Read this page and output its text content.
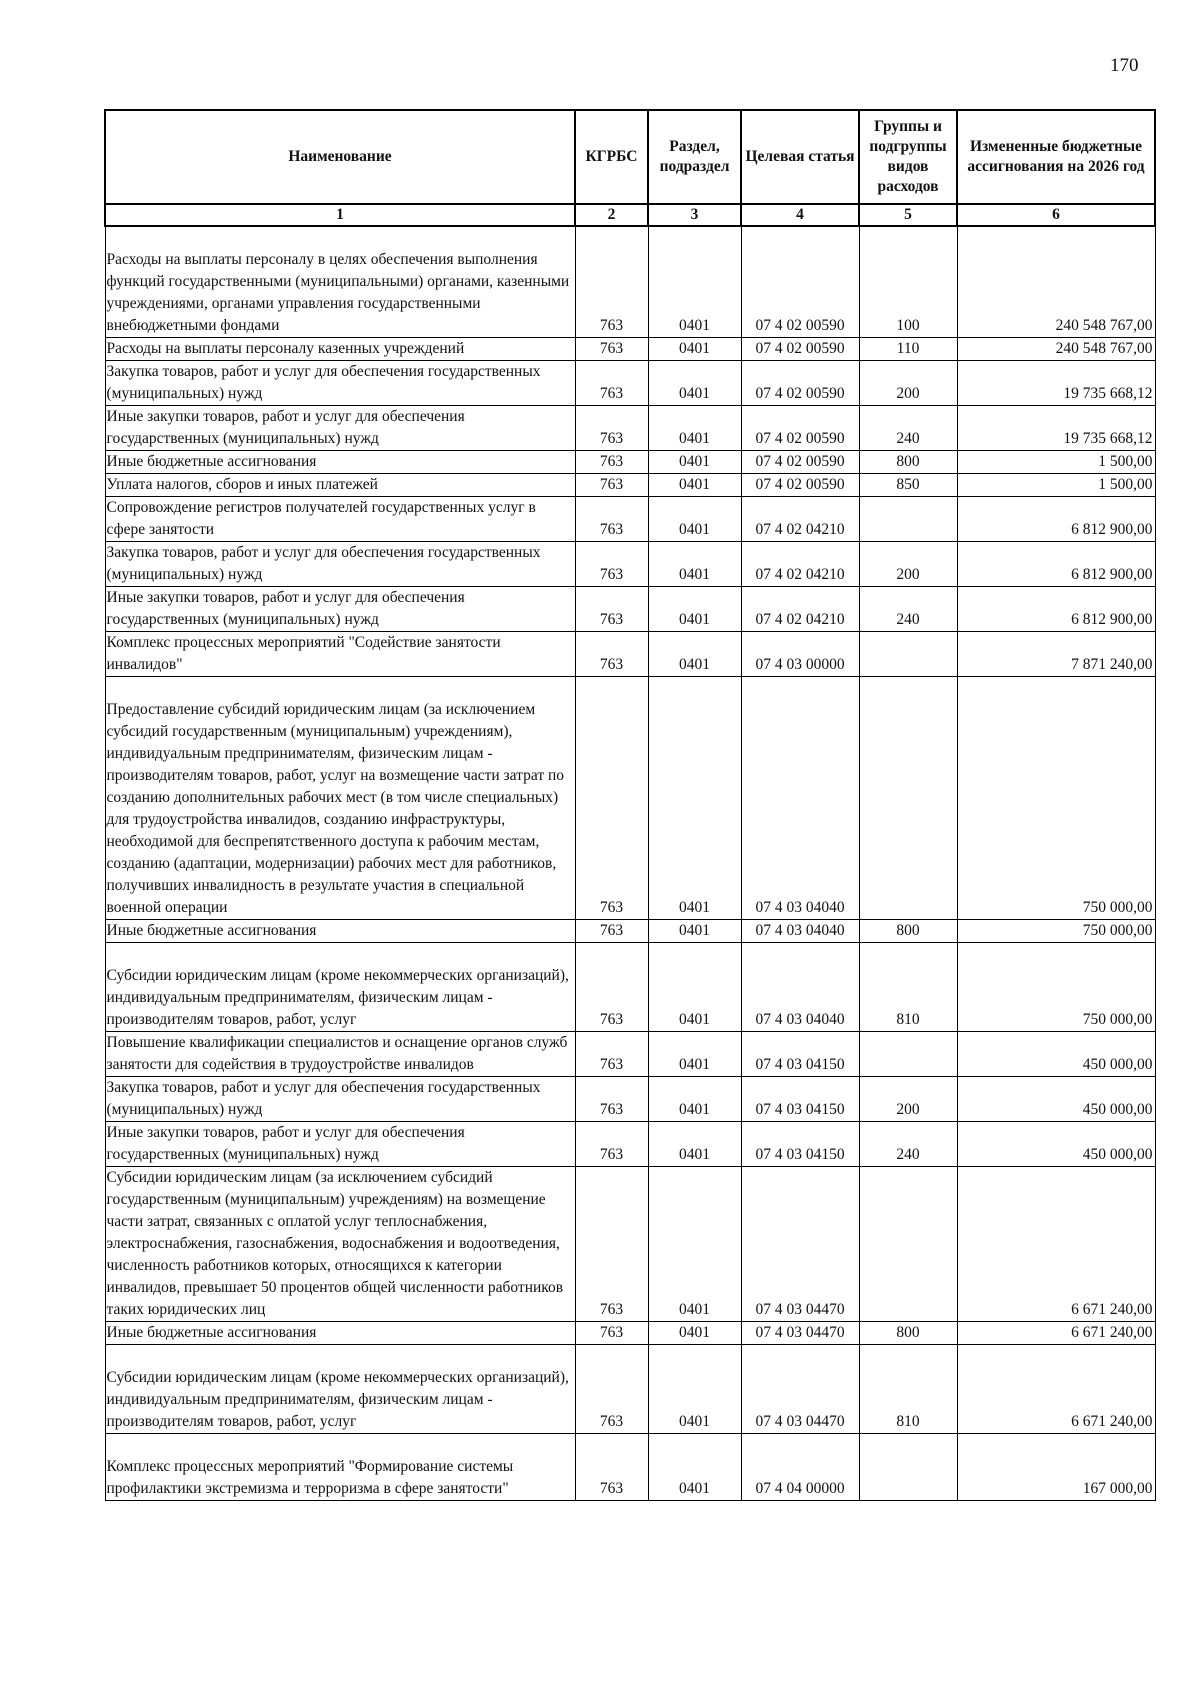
170
Наименование	КГРБС	Раздел, подраздел	Целевая статья	Группы и подгруппы видов расходов	Измененные бюджетные ассигнования на 2026 год
1	2	3	4	5	6
Расходы на выплаты персоналу в целях обеспечения выполнения функций государственными (муниципальными) органами, казенными учреждениями, органами управления государственными внебюджетными фондами	763	0401	07 4 02 00590	100	240 548 767,00
Расходы на выплаты персоналу казенных учреждений	763	0401	07 4 02 00590	110	240 548 767,00
Закупка товаров, работ и услуг для обеспечения государственных (муниципальных) нужд	763	0401	07 4 02 00590	200	19 735 668,12
Иные закупки товаров, работ и услуг для обеспечения государственных (муниципальных) нужд	763	0401	07 4 02 00590	240	19 735 668,12
Иные бюджетные ассигнования	763	0401	07 4 02 00590	800	1 500,00
Уплата налогов, сборов и иных платежей	763	0401	07 4 02 00590	850	1 500,00
Сопровождение регистров получателей государственных услуг в сфере занятости	763	0401	07 4 02 04210		6 812 900,00
Закупка товаров, работ и услуг для обеспечения государственных (муниципальных) нужд	763	0401	07 4 02 04210	200	6 812 900,00
Иные закупки товаров, работ и услуг для обеспечения государственных (муниципальных) нужд	763	0401	07 4 02 04210	240	6 812 900,00
Комплекс процессных мероприятий "Содействие занятости инвалидов"	763	0401	07 4 03 00000		7 871 240,00
Предоставление субсидий юридическим лицам (за исключением субсидий государственным (муниципальным) учреждениям), индивидуальным предпринимателям, физическим лицам - производителям товаров, работ, услуг на возмещение части затрат по созданию дополнительных рабочих мест (в том числе специальных) для трудоустройства инвалидов, созданию инфраструктуры, необходимой для беспрепятственного доступа к рабочим местам, созданию (адаптации, модернизации) рабочих мест для работников, получивших инвалидность в результате участия в специальной военной операции	763	0401	07 4 03 04040		750 000,00
Иные бюджетные ассигнования	763	0401	07 4 03 04040	800	750 000,00
Субсидии юридическим лицам (кроме некоммерческих организаций), индивидуальным предпринимателям, физическим лицам - производителям товаров, работ, услуг	763	0401	07 4 03 04040	810	750 000,00
Повышение квалификации специалистов и оснащение органов служб занятости для содействия в трудоустройстве инвалидов	763	0401	07 4 03 04150		450 000,00
Закупка товаров, работ и услуг для обеспечения государственных (муниципальных) нужд	763	0401	07 4 03 04150	200	450 000,00
Иные закупки товаров, работ и услуг для обеспечения государственных (муниципальных) нужд	763	0401	07 4 03 04150	240	450 000,00
Субсидии юридическим лицам (за исключением субсидий государственным (муниципальным) учреждениям) на возмещение части затрат, связанных с оплатой услуг теплоснабжения, электроснабжения, газоснабжения, водоснабжения и водоотведения, численность работников которых, относящихся к категории инвалидов, превышает 50 процентов общей численности работников таких юридических лиц	763	0401	07 4 03 04470		6 671 240,00
Иные бюджетные ассигнования	763	0401	07 4 03 04470	800	6 671 240,00
Субсидии юридическим лицам (кроме некоммерческих организаций), индивидуальным предпринимателям, физическим лицам - производителям товаров, работ, услуг	763	0401	07 4 03 04470	810	6 671 240,00
Комплекс процессных мероприятий "Формирование системы профилактики экстремизма и терроризма в сфере занятости"	763	0401	07 4 04 00000		167 000,00
